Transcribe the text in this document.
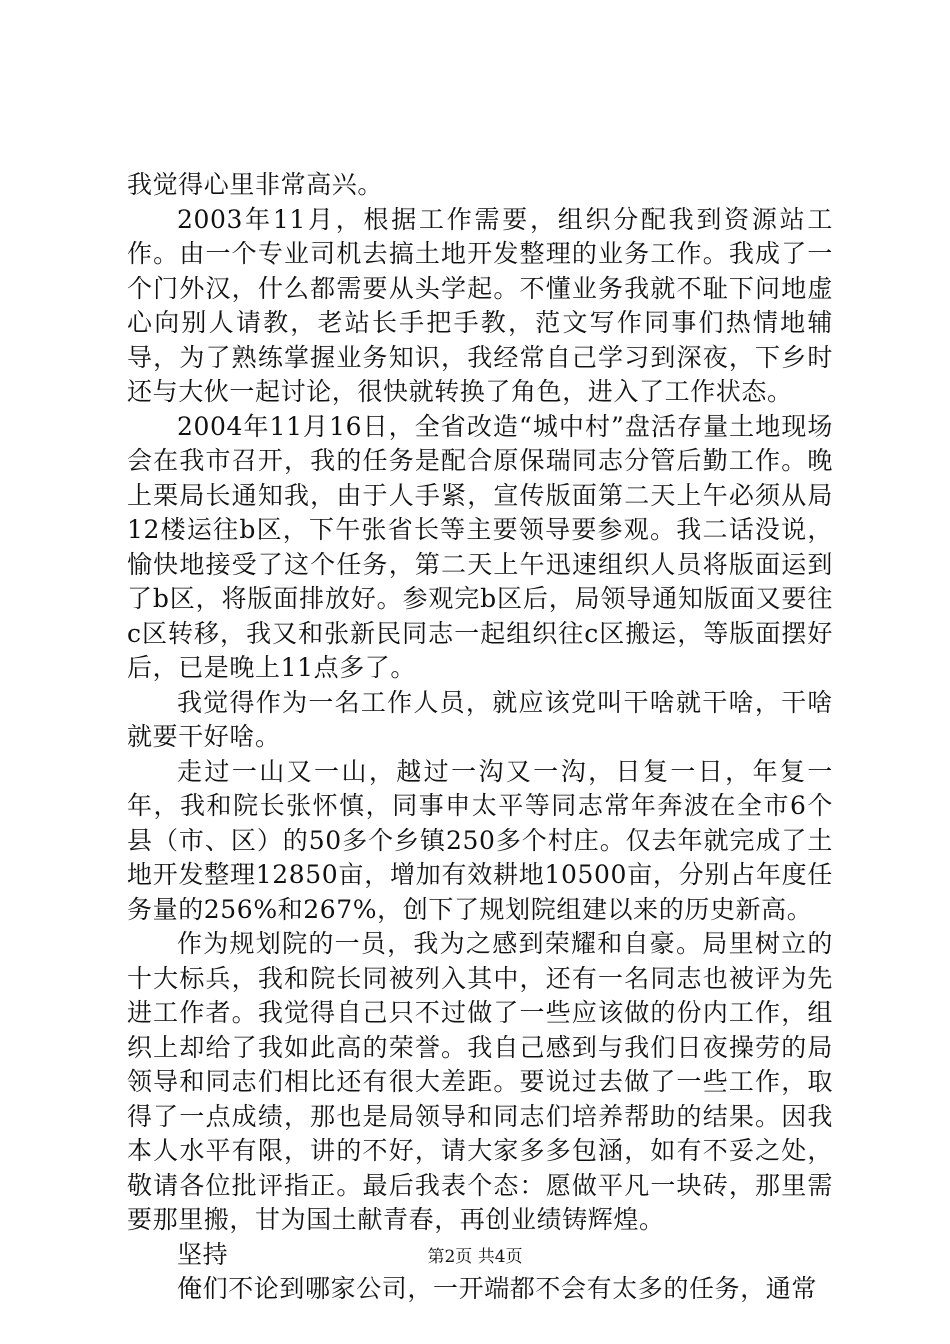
我觉得心里非常高兴。

2003年11月，根据工作需要，组织分配我到资源站工作。由一个专业司机去搞土地开发整理的业务工作。我成了一个门外汉，什么都需要从头学起。不懂业务我就不耻下问地虚心向别人请教，老站长手把手教，范文写作同事们热情地辅导，为了熟练掌握业务知识，我经常自己学习到深夜，下乡时还与大伙一起讨论，很快就转换了角色，进入了工作状态。

2004年11月16日，全省改造“城中村”盘活存量土地现场会在我市召开，我的任务是配合原保瑞同志分管后勤工作。晚上栗局长通知我，由于人手紧，宣传版面第二天上午必须从局12楼运往b区，下午张省长等主要领导要参观。我二话没说，愉快地接受了这个任务，第二天上午迅速组织人员将版面运到了b区，将版面排放好。参观完b区后，局领导通知版面又要往c区转移，我又和张新民同志一起组织往c区搬运，等版面摆好后，已是晚上11点多了。

我觉得作为一名工作人员，就应该党叫干啥就干啥，干啥就要干好啥。

走过一山又一山，越过一沟又一沟，日复一日，年复一年，我和院长张怀慎，同事申太平等同志常年奔波在全市6个县（市、区）的50多个乡镇250多个村庄。仅去年就完成了土地开发整理12850亩，增加有效耕地10500亩，分别占年度任务量的256%和267%，创下了规划院组建以来的历史新高。

作为规划院的一员，我为之感到荣耀和自豪。局里树立的十大标兵，我和院长同被列入其中，还有一名同志也被评为先进工作者。我觉得自己只不过做了一些应该做的份内工作，组织上却给了我如此高的荣誉。我自己感到与我们日夜操劳的局领导和同志们相比还有很大差距。要说过去做了一些工作，取得了一点成绩，那也是局领导和同志们培养帮助的结果。因我本人水平有限，讲的不好，请大家多多包涵，如有不妥之处，敬请各位批评指正。最后我表个态：愿做平凡一块砖，那里需要那里搬，甘为国土献青春，再创业绩铸辉煌。

坚持

俺们不论到哪家公司，一开端都不会有太多的任务，通常

第2页 共4页
